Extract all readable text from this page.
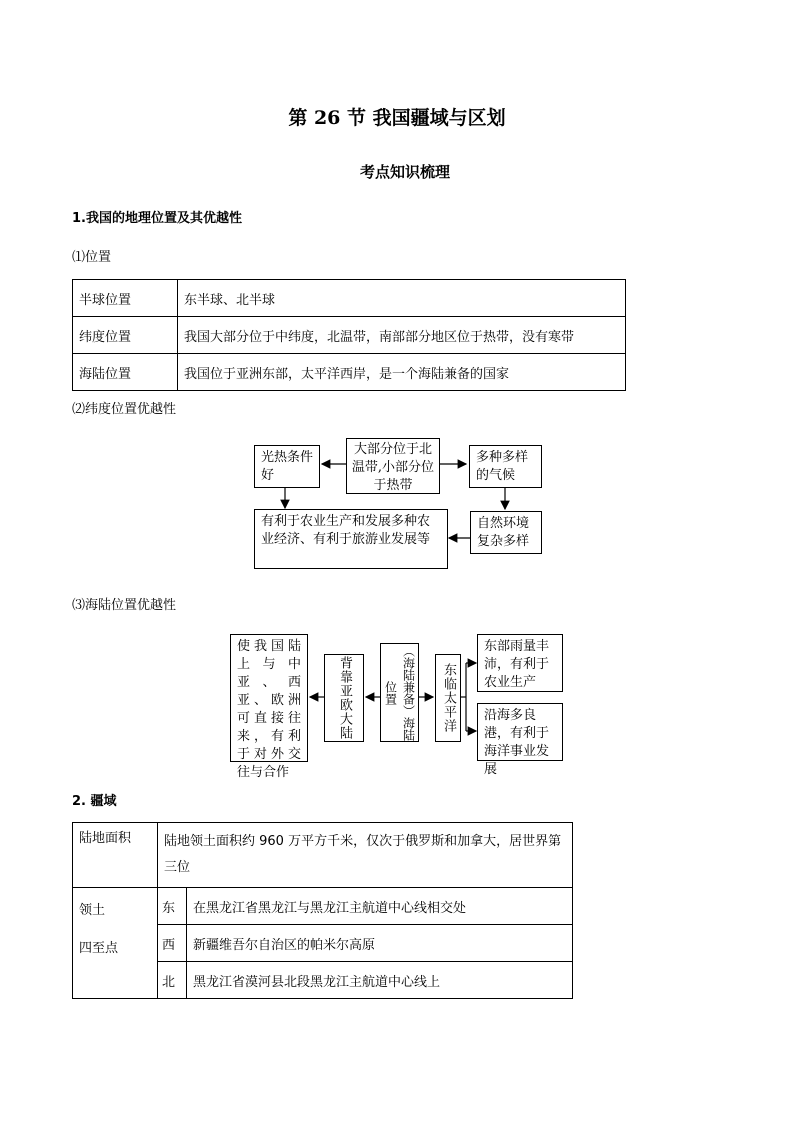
第 26 节 我国疆域与区划
考点知识梳理
1.我国的地理位置及其优越性
⑴位置
半球位置	东半球、北半球
纬度位置	我国大部分位于中纬度，北温带，南部部分地区位于热带，没有寒带
海陆位置	我国位于亚洲东部，太平洋西岸，是一个海陆兼备的国家
⑵纬度位置优越性
大部分位于北温带,小部分位于热带
光热条件好
多种多样的气候
自然环境复杂多样
有利于农业生产和发展多种农业经济、有利于旅游业发展等
⑶海陆位置优越性
使我国陆上与中亚、西亚、欧洲可直接往来，有利于对外交往与合作
背靠亚欧大陆	（海陆兼备）海陆位置	东临太平洋
东部雨量丰沛，有利于农业生产
沿海多良港，有利于海洋事业发展
2. 疆域
陆地面积	陆地领土面积约 960 万平方千米，仅次于俄罗斯和加拿大，居世界第三位	

领土
四至点	东	在黑龙江省黑龙江与黑龙江主航道中心线相交处
	西	新疆维吾尔自治区的帕米尔高原
	北	黑龙江省漠河县北段黑龙江主航道中心线上
